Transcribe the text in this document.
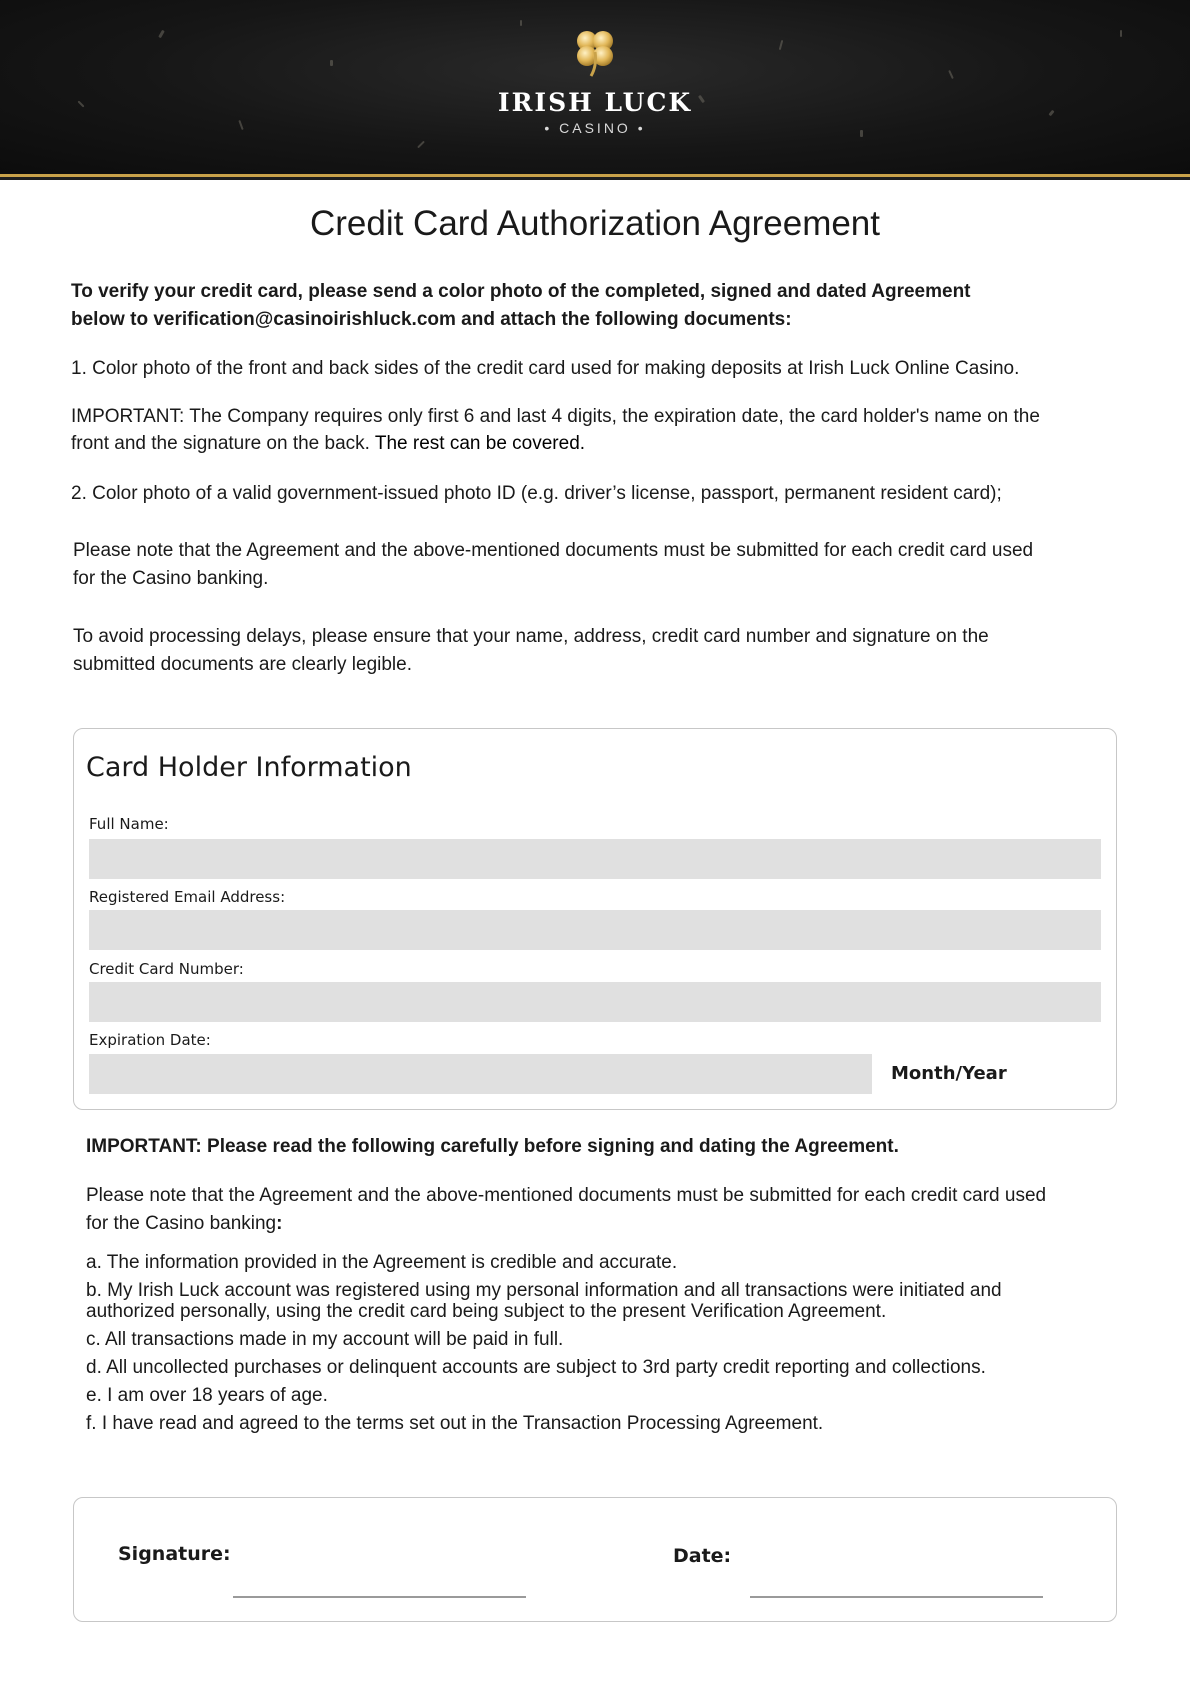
IRISH LUCK
• CASINO •
Credit Card Authorization Agreement
To verify your credit card, please send a color photo of the completed, signed and dated Agreement
below to verification@casinoirishluck.com and attach the following documents:
1. Color photo of the front and back sides of the credit card used for making deposits at Irish Luck Online Casino.
IMPORTANT: The Company requires only first 6 and last 4 digits, the expiration date, the card holder's name on the
front and the signature on the back. The rest can be covered.
2. Color photo of a valid government-issued photo ID (e.g. driver’s license, passport, permanent resident card);
Please note that the Agreement and the above-mentioned documents must be submitted for each credit card used
for the Casino banking.
To avoid processing delays, please ensure that your name, address, credit card number and signature on the
submitted documents are clearly legible.
Card Holder Information
Full Name:
Registered Email Address:
Credit Card Number:
Expiration Date:
Month/Year
IMPORTANT: Please read the following carefully before signing and dating the Agreement.
Please note that the Agreement and the above-mentioned documents must be submitted for each credit card used
for the Casino banking:
a. The information provided in the Agreement is credible and accurate.
b. My Irish Luck account was registered using my personal information and all transactions were initiated and
authorized personally, using the credit card being subject to the present Verification Agreement.
c. All transactions made in my account will be paid in full.
d. All uncollected purchases or delinquent accounts are subject to 3rd party credit reporting and collections.
e. I am over 18 years of age.
f. I have read and agreed to the terms set out in the Transaction Processing Agreement.
Signature:	Date:
